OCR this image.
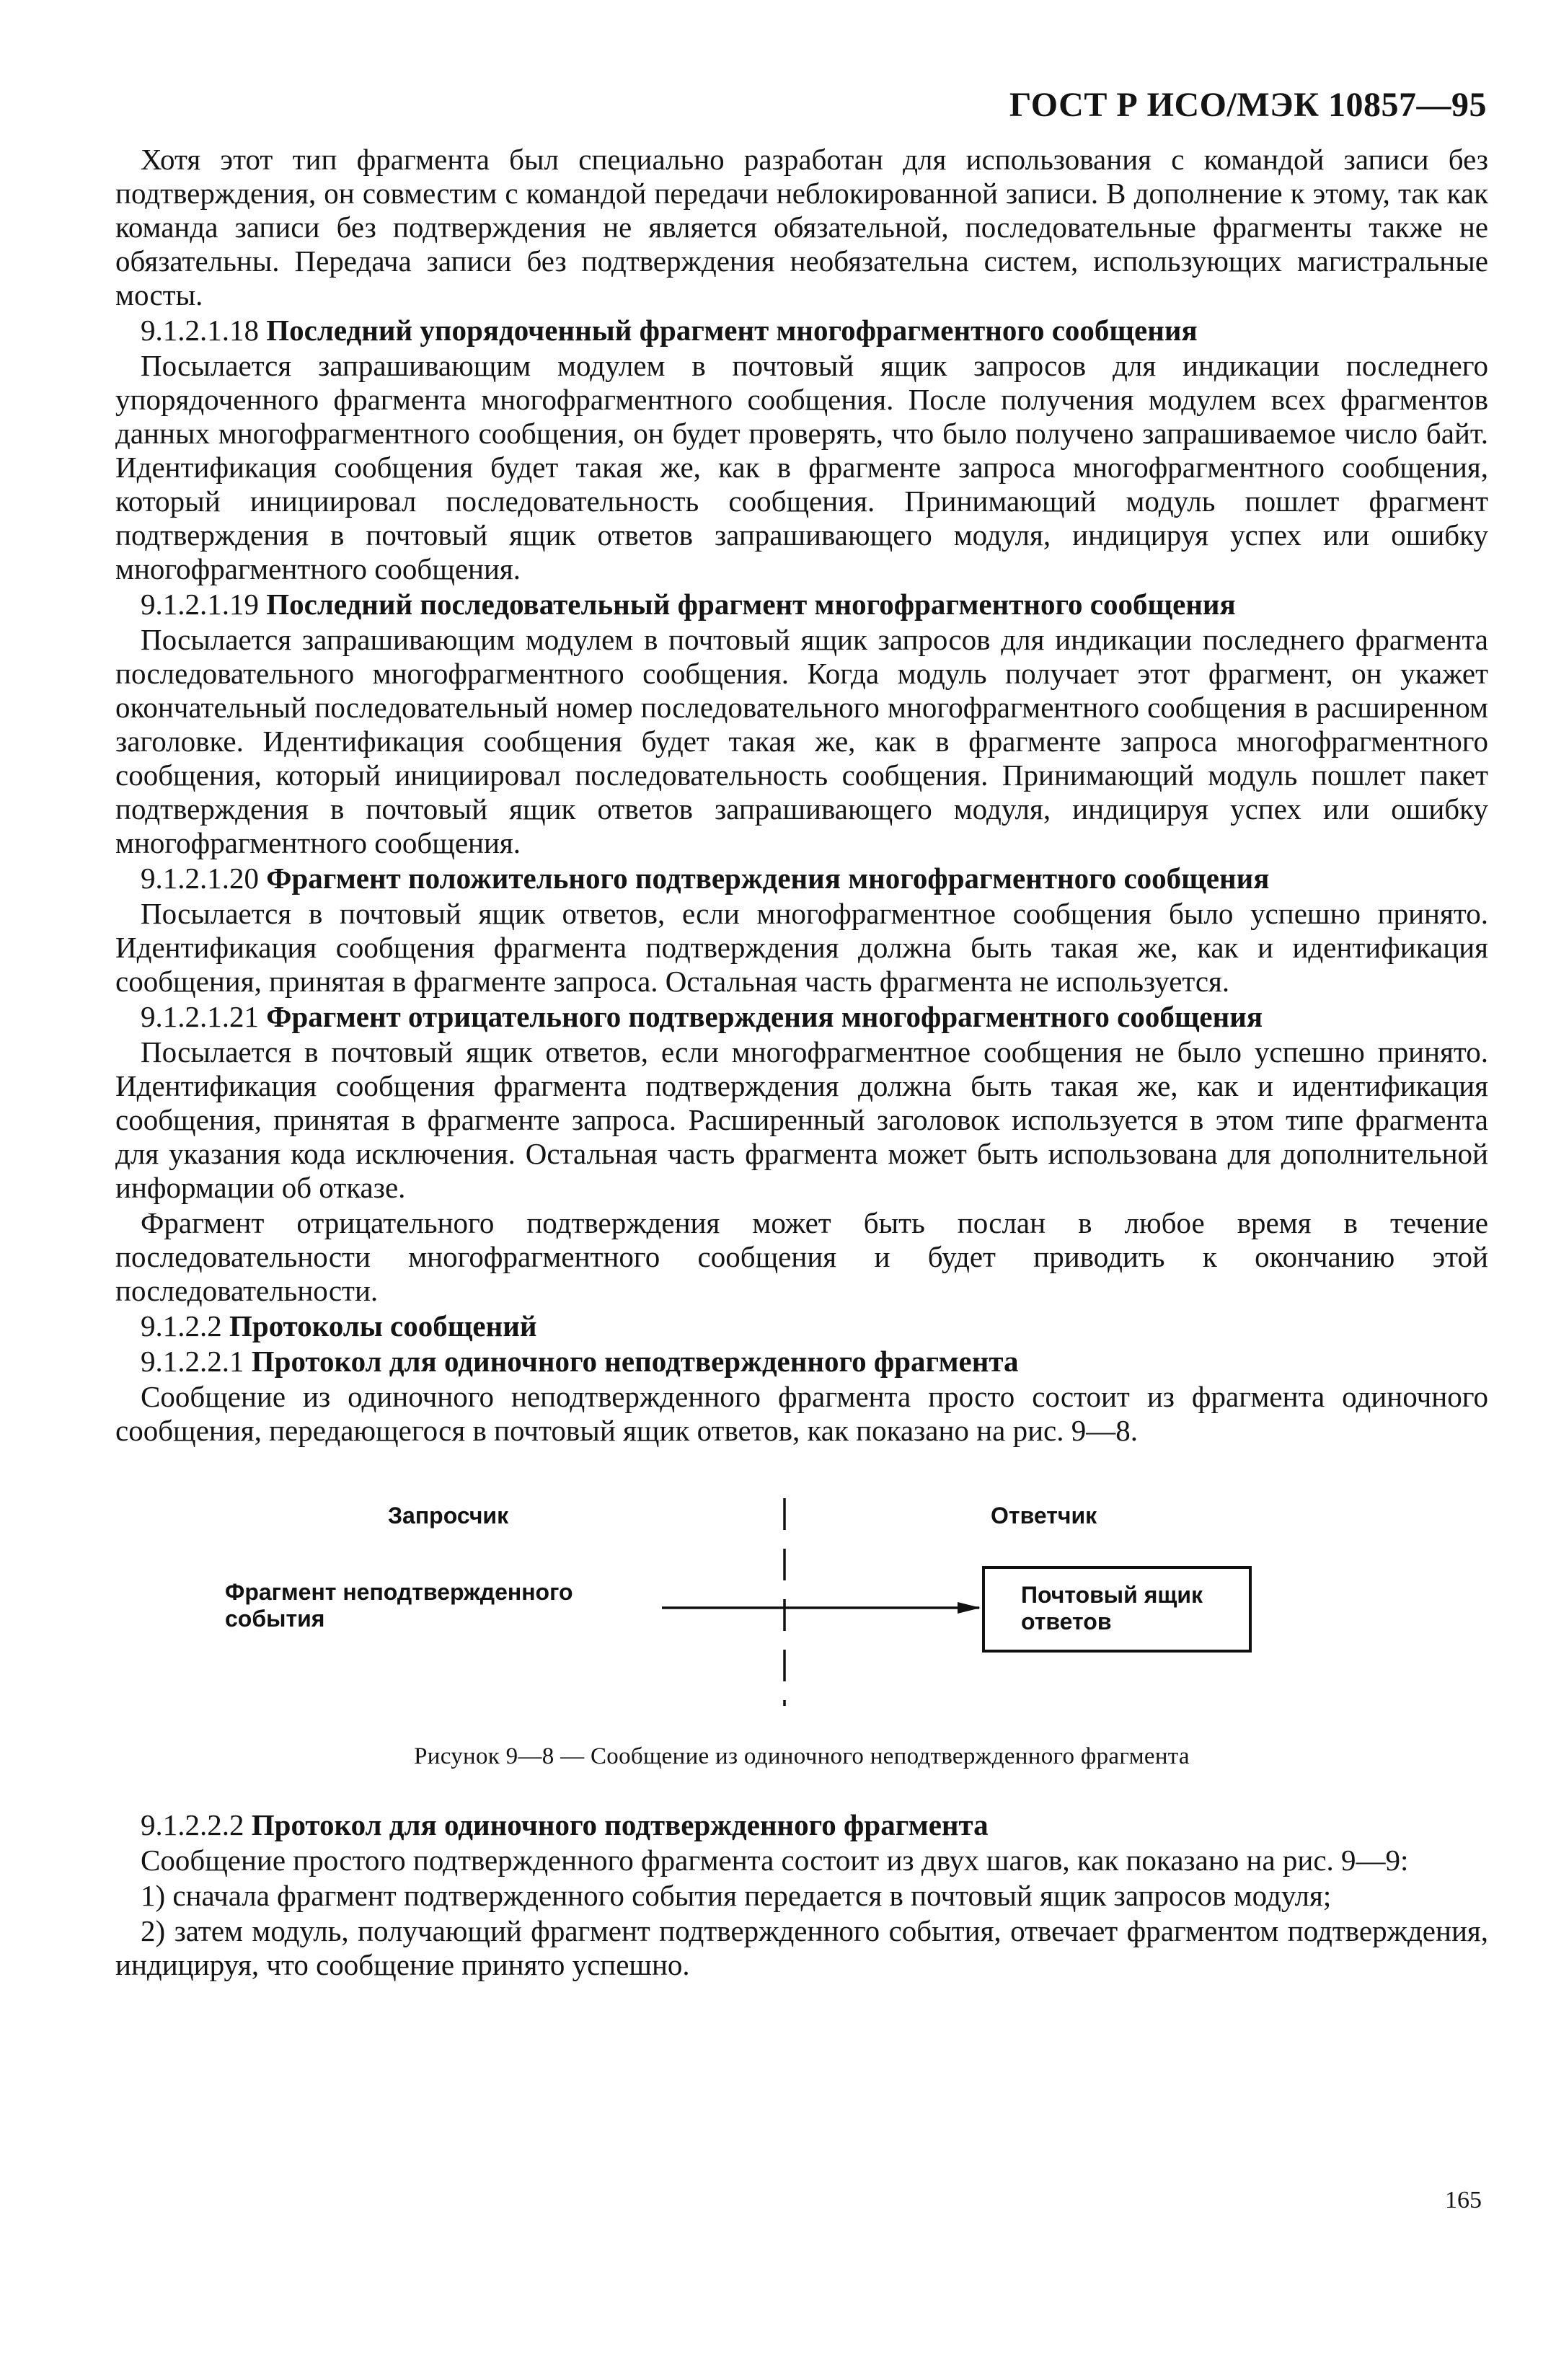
ГОСТ Р ИСО/МЭК 10857—95

Хотя этот тип фрагмента был специально разработан для использования с командой записи без подтверждения, он совместим с командой передачи неблокированной записи. В дополнение к этому, так как команда записи без подтверждения не является обязательной, последовательные фрагменты также не обязательны. Передача записи без подтверждения необязательна систем, использующих магистральные мосты.

9.1.2.1.18 Последний упорядоченный фрагмент многофрагментного сообщения

Посылается запрашивающим модулем в почтовый ящик запросов для индикации последнего упорядоченного фрагмента многофрагментного сообщения. После получения модулем всех фрагментов данных многофрагментного сообщения, он будет проверять, что было получено запрашиваемое число байт. Идентификация сообщения будет такая же, как в фрагменте запроса многофрагментного сообщения, который инициировал последовательность сообщения. Принимающий модуль пошлет фрагмент подтверждения в почтовый ящик ответов запрашивающего модуля, индицируя успех или ошибку многофрагментного сообщения.

9.1.2.1.19 Последний последовательный фрагмент многофрагментного сообщения

Посылается запрашивающим модулем в почтовый ящик запросов для индикации последнего фрагмента последовательного многофрагментного сообщения. Когда модуль получает этот фрагмент, он укажет окончательный последовательный номер последовательного многофрагментного сообщения в расширенном заголовке. Идентификация сообщения будет такая же, как в фрагменте запроса многофрагментного сообщения, который инициировал последовательность сообщения. Принимающий модуль пошлет пакет подтверждения в почтовый ящик ответов запрашивающего модуля, индицируя успех или ошибку многофрагментного сообщения.

9.1.2.1.20 Фрагмент положительного подтверждения многофрагментного сообщения

Посылается в почтовый ящик ответов, если многофрагментное сообщения было успешно принято. Идентификация сообщения фрагмента подтверждения должна быть такая же, как и идентификация сообщения, принятая в фрагменте запроса. Остальная часть фрагмента не используется.

9.1.2.1.21 Фрагмент отрицательного подтверждения многофрагментного сообщения

Посылается в почтовый ящик ответов, если многофрагментное сообщения не было успешно принято. Идентификация сообщения фрагмента подтверждения должна быть такая же, как и идентификация сообщения, принятая в фрагменте запроса. Расширенный заголовок используется в этом типе фрагмента для указания кода исключения. Остальная часть фрагмента может быть использована для дополнительной информации об отказе.

Фрагмент отрицательного подтверждения может быть послан в любое время в течение последовательности многофрагментного сообщения и будет приводить к окончанию этой последовательности.

9.1.2.2 Протоколы сообщений

9.1.2.2.1 Протокол для одиночного неподтвержденного фрагмента

Сообщение из одиночного неподтвержденного фрагмента просто состоит из фрагмента одиночного сообщения, передающегося в почтовый ящик ответов, как показано на рис. 9—8.

Запросчик	Ответчик
Фрагмент неподтвержденного
события
Почтовый ящик
ответов
Рисунок 9—8 — Сообщение из одиночного неподтвержденного фрагмента

9.1.2.2.2 Протокол для одиночного подтвержденного фрагмента

Сообщение простого подтвержденного фрагмента состоит из двух шагов, как показано на рис. 9—9:

1) сначала фрагмент подтвержденного события передается в почтовый ящик запросов модуля;

2) затем модуль, получающий фрагмент подтвержденного события, отвечает фрагментом подтверждения, индицируя, что сообщение принято успешно.

165
